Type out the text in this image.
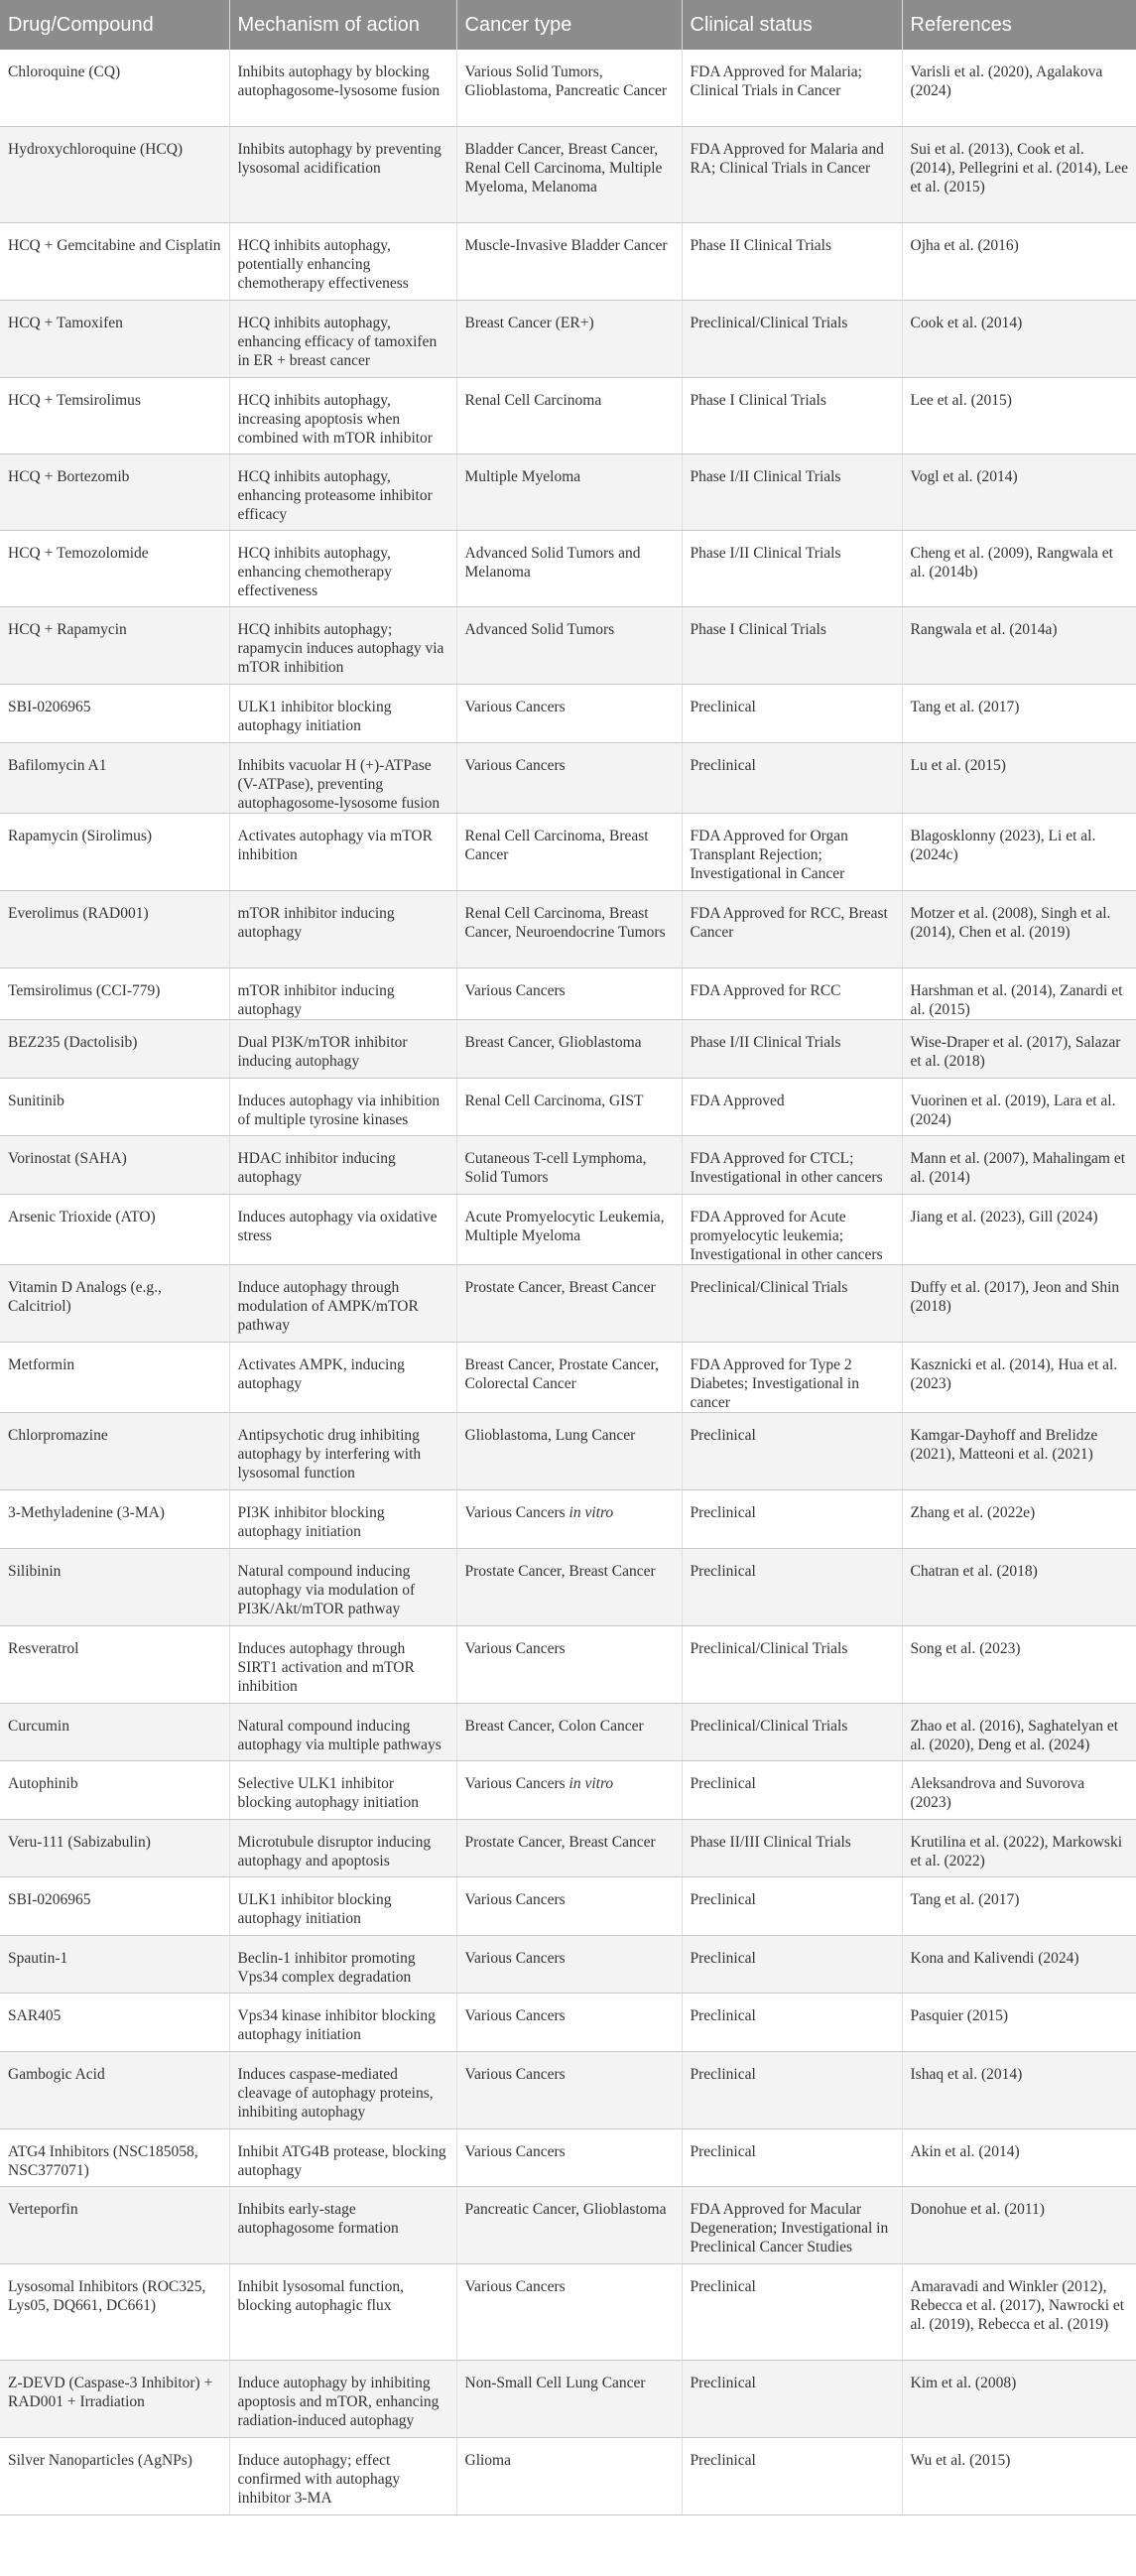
Drug/Compound	Mechanism of action	Cancer type	Clinical status	References
Chloroquine (CQ)	Inhibits autophagy by blocking autophagosome-lysosome fusion	Various Solid Tumors, Glioblastoma, Pancreatic Cancer	FDA Approved for Malaria; Clinical Trials in Cancer	Varisli et al. (2020), Agalakova (2024)
Hydroxychloroquine (HCQ)	Inhibits autophagy by preventing lysosomal acidification	Bladder Cancer, Breast Cancer, Renal Cell Carcinoma, Multiple Myeloma, Melanoma	FDA Approved for Malaria and RA; Clinical Trials in Cancer	Sui et al. (2013), Cook et al. (2014), Pellegrini et al. (2014), Lee et al. (2015)
HCQ + Gemcitabine and Cisplatin	HCQ inhibits autophagy, potentially enhancing chemotherapy effectiveness	Muscle-Invasive Bladder Cancer	Phase II Clinical Trials	Ojha et al. (2016)
HCQ + Tamoxifen	HCQ inhibits autophagy, enhancing efficacy of tamoxifen in ER + breast cancer	Breast Cancer (ER+)	Preclinical/Clinical Trials	Cook et al. (2014)
HCQ + Temsirolimus	HCQ inhibits autophagy, increasing apoptosis when combined with mTOR inhibitor	Renal Cell Carcinoma	Phase I Clinical Trials	Lee et al. (2015)
HCQ + Bortezomib	HCQ inhibits autophagy, enhancing proteasome inhibitor efficacy	Multiple Myeloma	Phase I/II Clinical Trials	Vogl et al. (2014)
HCQ + Temozolomide	HCQ inhibits autophagy, enhancing chemotherapy effectiveness	Advanced Solid Tumors and Melanoma	Phase I/II Clinical Trials	Cheng et al. (2009), Rangwala et al. (2014b)
HCQ + Rapamycin	HCQ inhibits autophagy; rapamycin induces autophagy via mTOR inhibition	Advanced Solid Tumors	Phase I Clinical Trials	Rangwala et al. (2014a)
SBI-0206965	ULK1 inhibitor blocking autophagy initiation	Various Cancers	Preclinical	Tang et al. (2017)
Bafilomycin A1	Inhibits vacuolar H (+)-ATPase (V-ATPase), preventing autophagosome-lysosome fusion	Various Cancers	Preclinical	Lu et al. (2015)
Rapamycin (Sirolimus)	Activates autophagy via mTOR inhibition	Renal Cell Carcinoma, Breast Cancer	FDA Approved for Organ Transplant Rejection; Investigational in Cancer	Blagosklonny (2023), Li et al. (2024c)
Everolimus (RAD001)	mTOR inhibitor inducing autophagy	Renal Cell Carcinoma, Breast Cancer, Neuroendocrine Tumors	FDA Approved for RCC, Breast Cancer	Motzer et al. (2008), Singh et al. (2014), Chen et al. (2019)
Temsirolimus (CCI-779)	mTOR inhibitor inducing autophagy	Various Cancers	FDA Approved for RCC	Harshman et al. (2014), Zanardi et al. (2015)
BEZ235 (Dactolisib)	Dual PI3K/mTOR inhibitor inducing autophagy	Breast Cancer, Glioblastoma	Phase I/II Clinical Trials	Wise-Draper et al. (2017), Salazar et al. (2018)
Sunitinib	Induces autophagy via inhibition of multiple tyrosine kinases	Renal Cell Carcinoma, GIST	FDA Approved	Vuorinen et al. (2019), Lara et al. (2024)
Vorinostat (SAHA)	HDAC inhibitor inducing autophagy	Cutaneous T-cell Lymphoma, Solid Tumors	FDA Approved for CTCL; Investigational in other cancers	Mann et al. (2007), Mahalingam et al. (2014)
Arsenic Trioxide (ATO)	Induces autophagy via oxidative stress	Acute Promyelocytic Leukemia, Multiple Myeloma	FDA Approved for Acute promyelocytic leukemia; Investigational in other cancers	Jiang et al. (2023), Gill (2024)
Vitamin D Analogs (e.g., Calcitriol)	Induce autophagy through modulation of AMPK/mTOR pathway	Prostate Cancer, Breast Cancer	Preclinical/Clinical Trials	Duffy et al. (2017), Jeon and Shin (2018)
Metformin	Activates AMPK, inducing autophagy	Breast Cancer, Prostate Cancer, Colorectal Cancer	FDA Approved for Type 2 Diabetes; Investigational in cancer	Kasznicki et al. (2014), Hua et al. (2023)
Chlorpromazine	Antipsychotic drug inhibiting autophagy by interfering with lysosomal function	Glioblastoma, Lung Cancer	Preclinical	Kamgar-Dayhoff and Brelidze (2021), Matteoni et al. (2021)
3-Methyladenine (3-MA)	PI3K inhibitor blocking autophagy initiation	Various Cancers in vitro	Preclinical	Zhang et al. (2022e)
Silibinin	Natural compound inducing autophagy via modulation of PI3K/Akt/mTOR pathway	Prostate Cancer, Breast Cancer	Preclinical	Chatran et al. (2018)
Resveratrol	Induces autophagy through SIRT1 activation and mTOR inhibition	Various Cancers	Preclinical/Clinical Trials	Song et al. (2023)
Curcumin	Natural compound inducing autophagy via multiple pathways	Breast Cancer, Colon Cancer	Preclinical/Clinical Trials	Zhao et al. (2016), Saghatelyan et al. (2020), Deng et al. (2024)
Autophinib	Selective ULK1 inhibitor blocking autophagy initiation	Various Cancers in vitro	Preclinical	Aleksandrova and Suvorova (2023)
Veru-111 (Sabizabulin)	Microtubule disruptor inducing autophagy and apoptosis	Prostate Cancer, Breast Cancer	Phase II/III Clinical Trials	Krutilina et al. (2022), Markowski et al. (2022)
SBI-0206965	ULK1 inhibitor blocking autophagy initiation	Various Cancers	Preclinical	Tang et al. (2017)
Spautin-1	Beclin-1 inhibitor promoting Vps34 complex degradation	Various Cancers	Preclinical	Kona and Kalivendi (2024)
SAR405	Vps34 kinase inhibitor blocking autophagy initiation	Various Cancers	Preclinical	Pasquier (2015)
Gambogic Acid	Induces caspase-mediated cleavage of autophagy proteins, inhibiting autophagy	Various Cancers	Preclinical	Ishaq et al. (2014)
ATG4 Inhibitors (NSC185058, NSC377071)	Inhibit ATG4B protease, blocking autophagy	Various Cancers	Preclinical	Akin et al. (2014)
Verteporfin	Inhibits early-stage autophagosome formation	Pancreatic Cancer, Glioblastoma	FDA Approved for Macular Degeneration; Investigational in Preclinical Cancer Studies	Donohue et al. (2011)
Lysosomal Inhibitors (ROC325, Lys05, DQ661, DC661)	Inhibit lysosomal function, blocking autophagic flux	Various Cancers	Preclinical	Amaravadi and Winkler (2012), Rebecca et al. (2017), Nawrocki et al. (2019), Rebecca et al. (2019)
Z-DEVD (Caspase-3 Inhibitor) + RAD001 + Irradiation	Induce autophagy by inhibiting apoptosis and mTOR, enhancing radiation-induced autophagy	Non-Small Cell Lung Cancer	Preclinical	Kim et al. (2008)
Silver Nanoparticles (AgNPs)	Induce autophagy; effect confirmed with autophagy inhibitor 3-MA	Glioma	Preclinical	Wu et al. (2015)
